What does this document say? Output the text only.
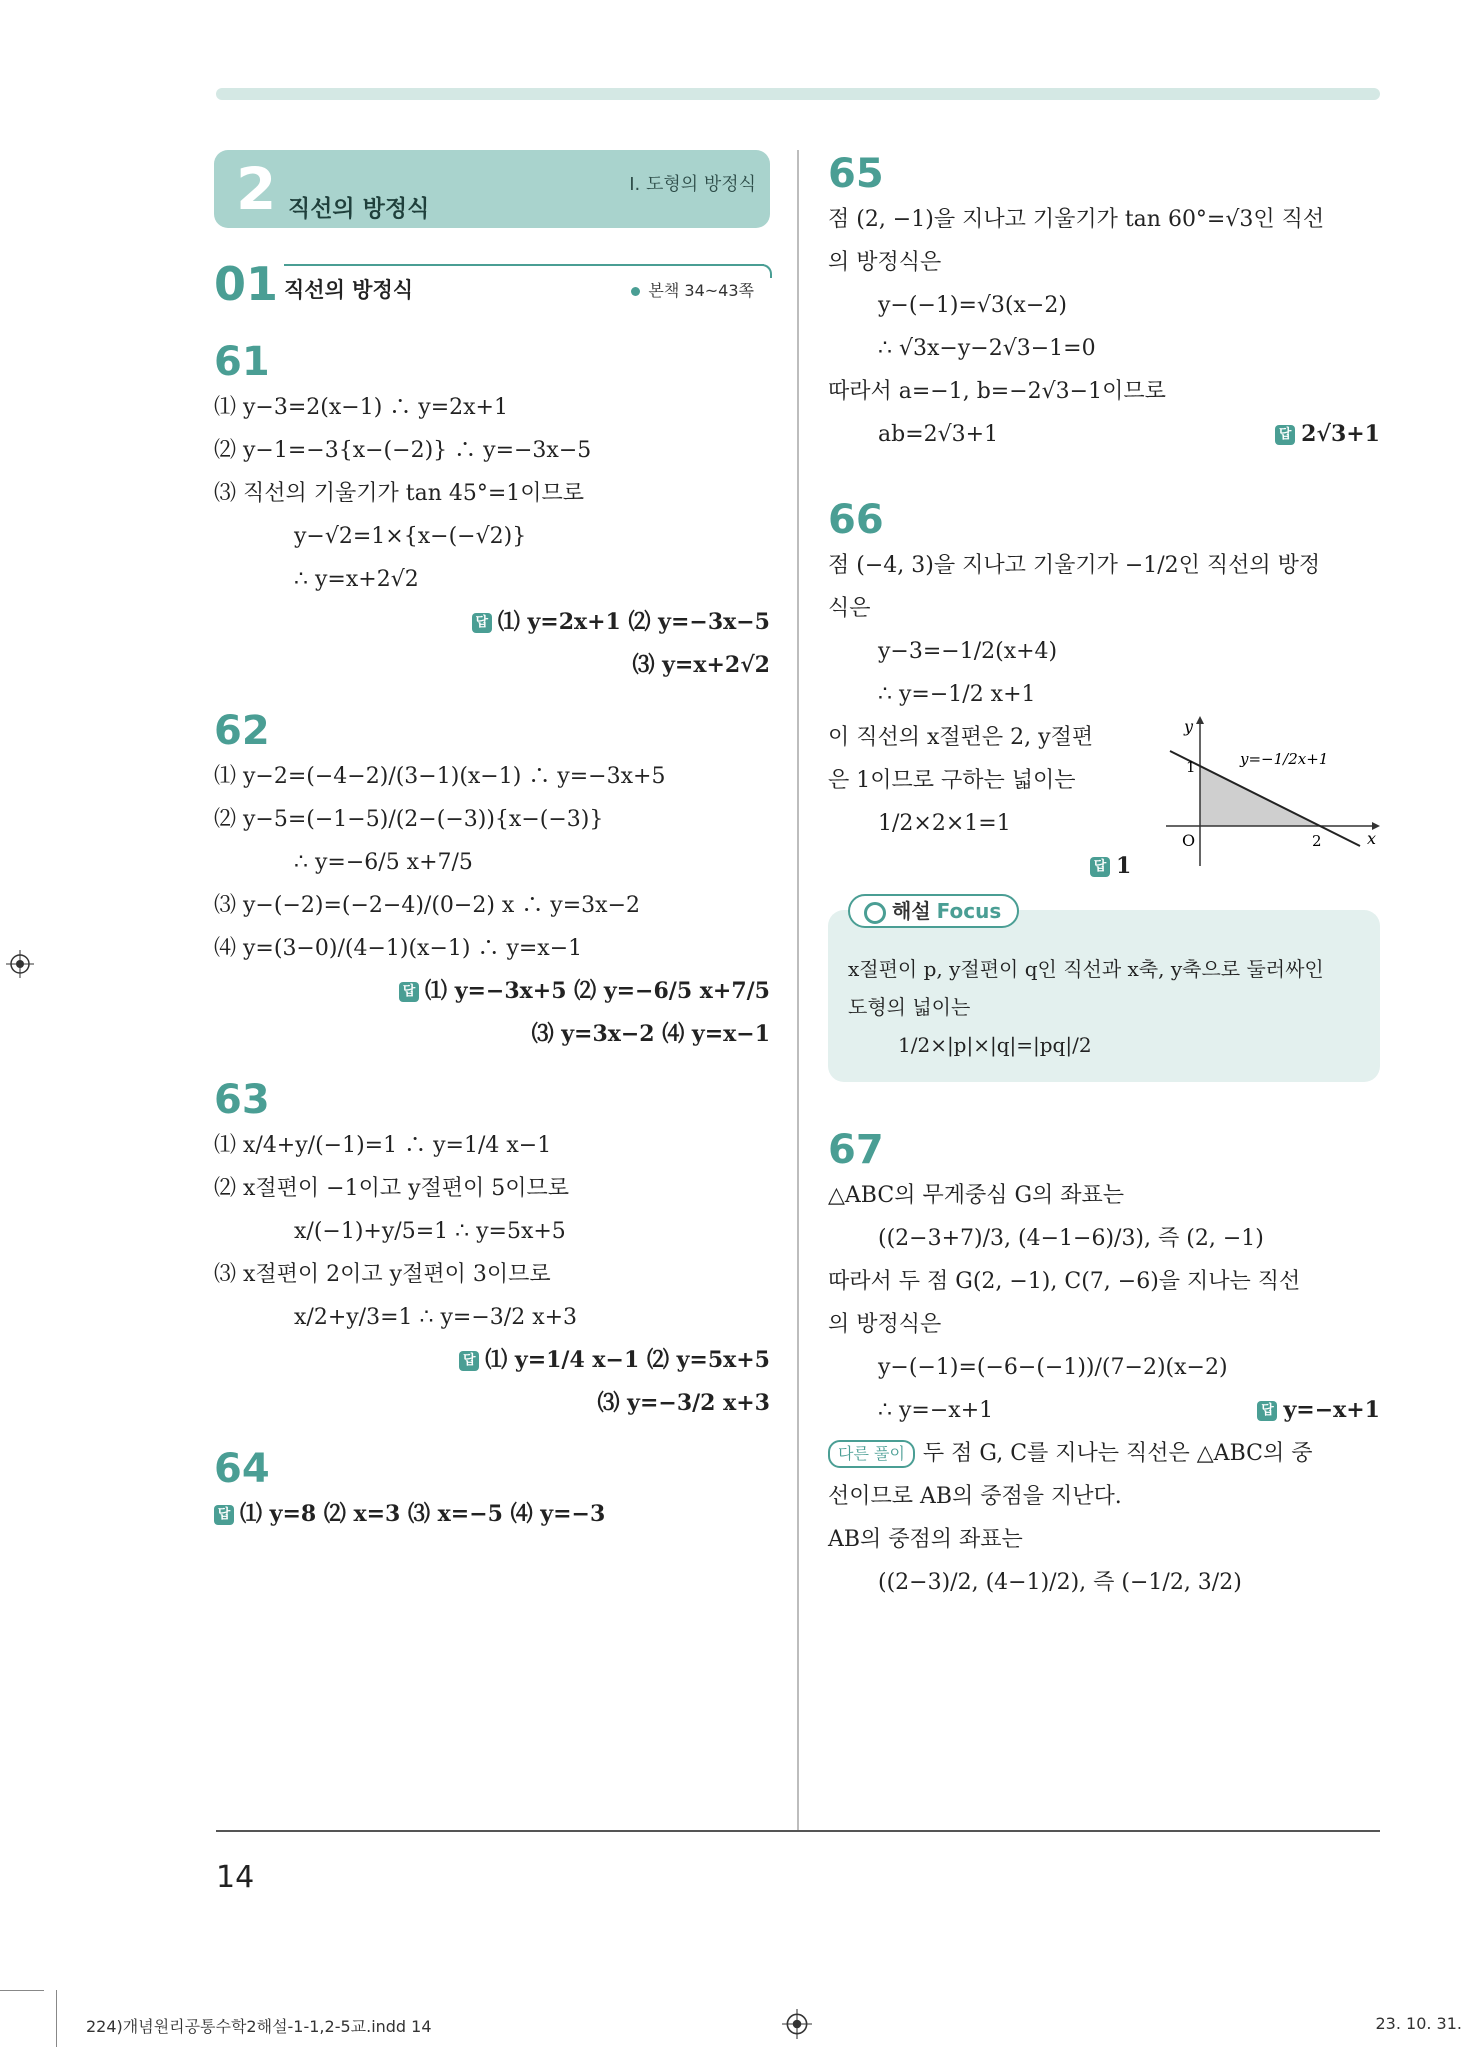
2 직선의 방정식
Ⅰ. 도형의 방정식
01 직선의 방정식	본책 34~43쪽
61
⑴ y−3=2(x−1) ∴ y=2x+1
⑵ y−1=−3{x−(−2)} ∴ y=−3x−5
⑶ 직선의 기울기가 tan 45°=1이므로
y−√2=1×{x−(−√2)}
∴ y=x+2√2
답 ⑴ y=2x+1 ⑵ y=−3x−5
⑶ y=x+2√2
62
⑴ y−2=(−4−2)/(3−1)(x−1) ∴ y=−3x+5
⑵ y−5=(−1−5)/(2−(−3)){x−(−3)}
∴ y=−6/5 x+7/5
⑶ y−(−2)=(−2−4)/(0−2) x ∴ y=3x−2
⑷ y=(3−0)/(4−1)(x−1) ∴ y=x−1
답 ⑴ y=−3x+5 ⑵ y=−6/5 x+7/5
⑶ y=3x−2 ⑷ y=x−1
63
⑴ x/4+y/(−1)=1 ∴ y=1/4 x−1
⑵ x절편이 −1이고 y절편이 5이므로
x/(−1)+y/5=1 ∴ y=5x+5
⑶ x절편이 2이고 y절편이 3이므로
x/2+y/3=1 ∴ y=−3/2 x+3
답 ⑴ y=1/4 x−1 ⑵ y=5x+5
⑶ y=−3/2 x+3
64
답 ⑴ y=8 ⑵ x=3 ⑶ x=−5 ⑷ y=−3
65
점 (2, −1)을 지나고 기울기가 tan 60°=√3인 직선
의 방정식은
y−(−1)=√3(x−2)
∴ √3x−y−2√3−1=0
따라서 a=−1, b=−2√3−1이므로
ab=2√3+1	답 2√3+1
66
점 (−4, 3)을 지나고 기울기가 −1/2인 직선의 방정
식은
y−3=−1/2(x+4)
∴ y=−1/2 x+1
이 직선의 x절편은 2, y절편
은 1이므로 구하는 넓이는
1/2×2×1=1
x
y
O	2
1	y=−1/2x+1
답 1
해설 Focus
x절편이 p, y절편이 q인 직선과 x축, y축으로 둘러싸인
도형의 넓이는
1/2×|p|×|q|=|pq|/2
67
△ABC의 무게중심 G의 좌표는
((2−3+7)/3, (4−1−6)/3), 즉 (2, −1)
따라서 두 점 G(2, −1), C(7, −6)을 지나는 직선
의 방정식은
y−(−1)=(−6−(−1))/(7−2)(x−2)
∴ y=−x+1	답 y=−x+1
다른 풀이 두 점 G, C를 지나는 직선은 △ABC의 중
선이므로 AB의 중점을 지난다.
AB의 중점의 좌표는
((2−3)/2, (4−1)/2), 즉 (−1/2, 3/2)
14
224)개념원리공통수학2해설-1-1,2-5교.indd 14	23. 10. 31.
